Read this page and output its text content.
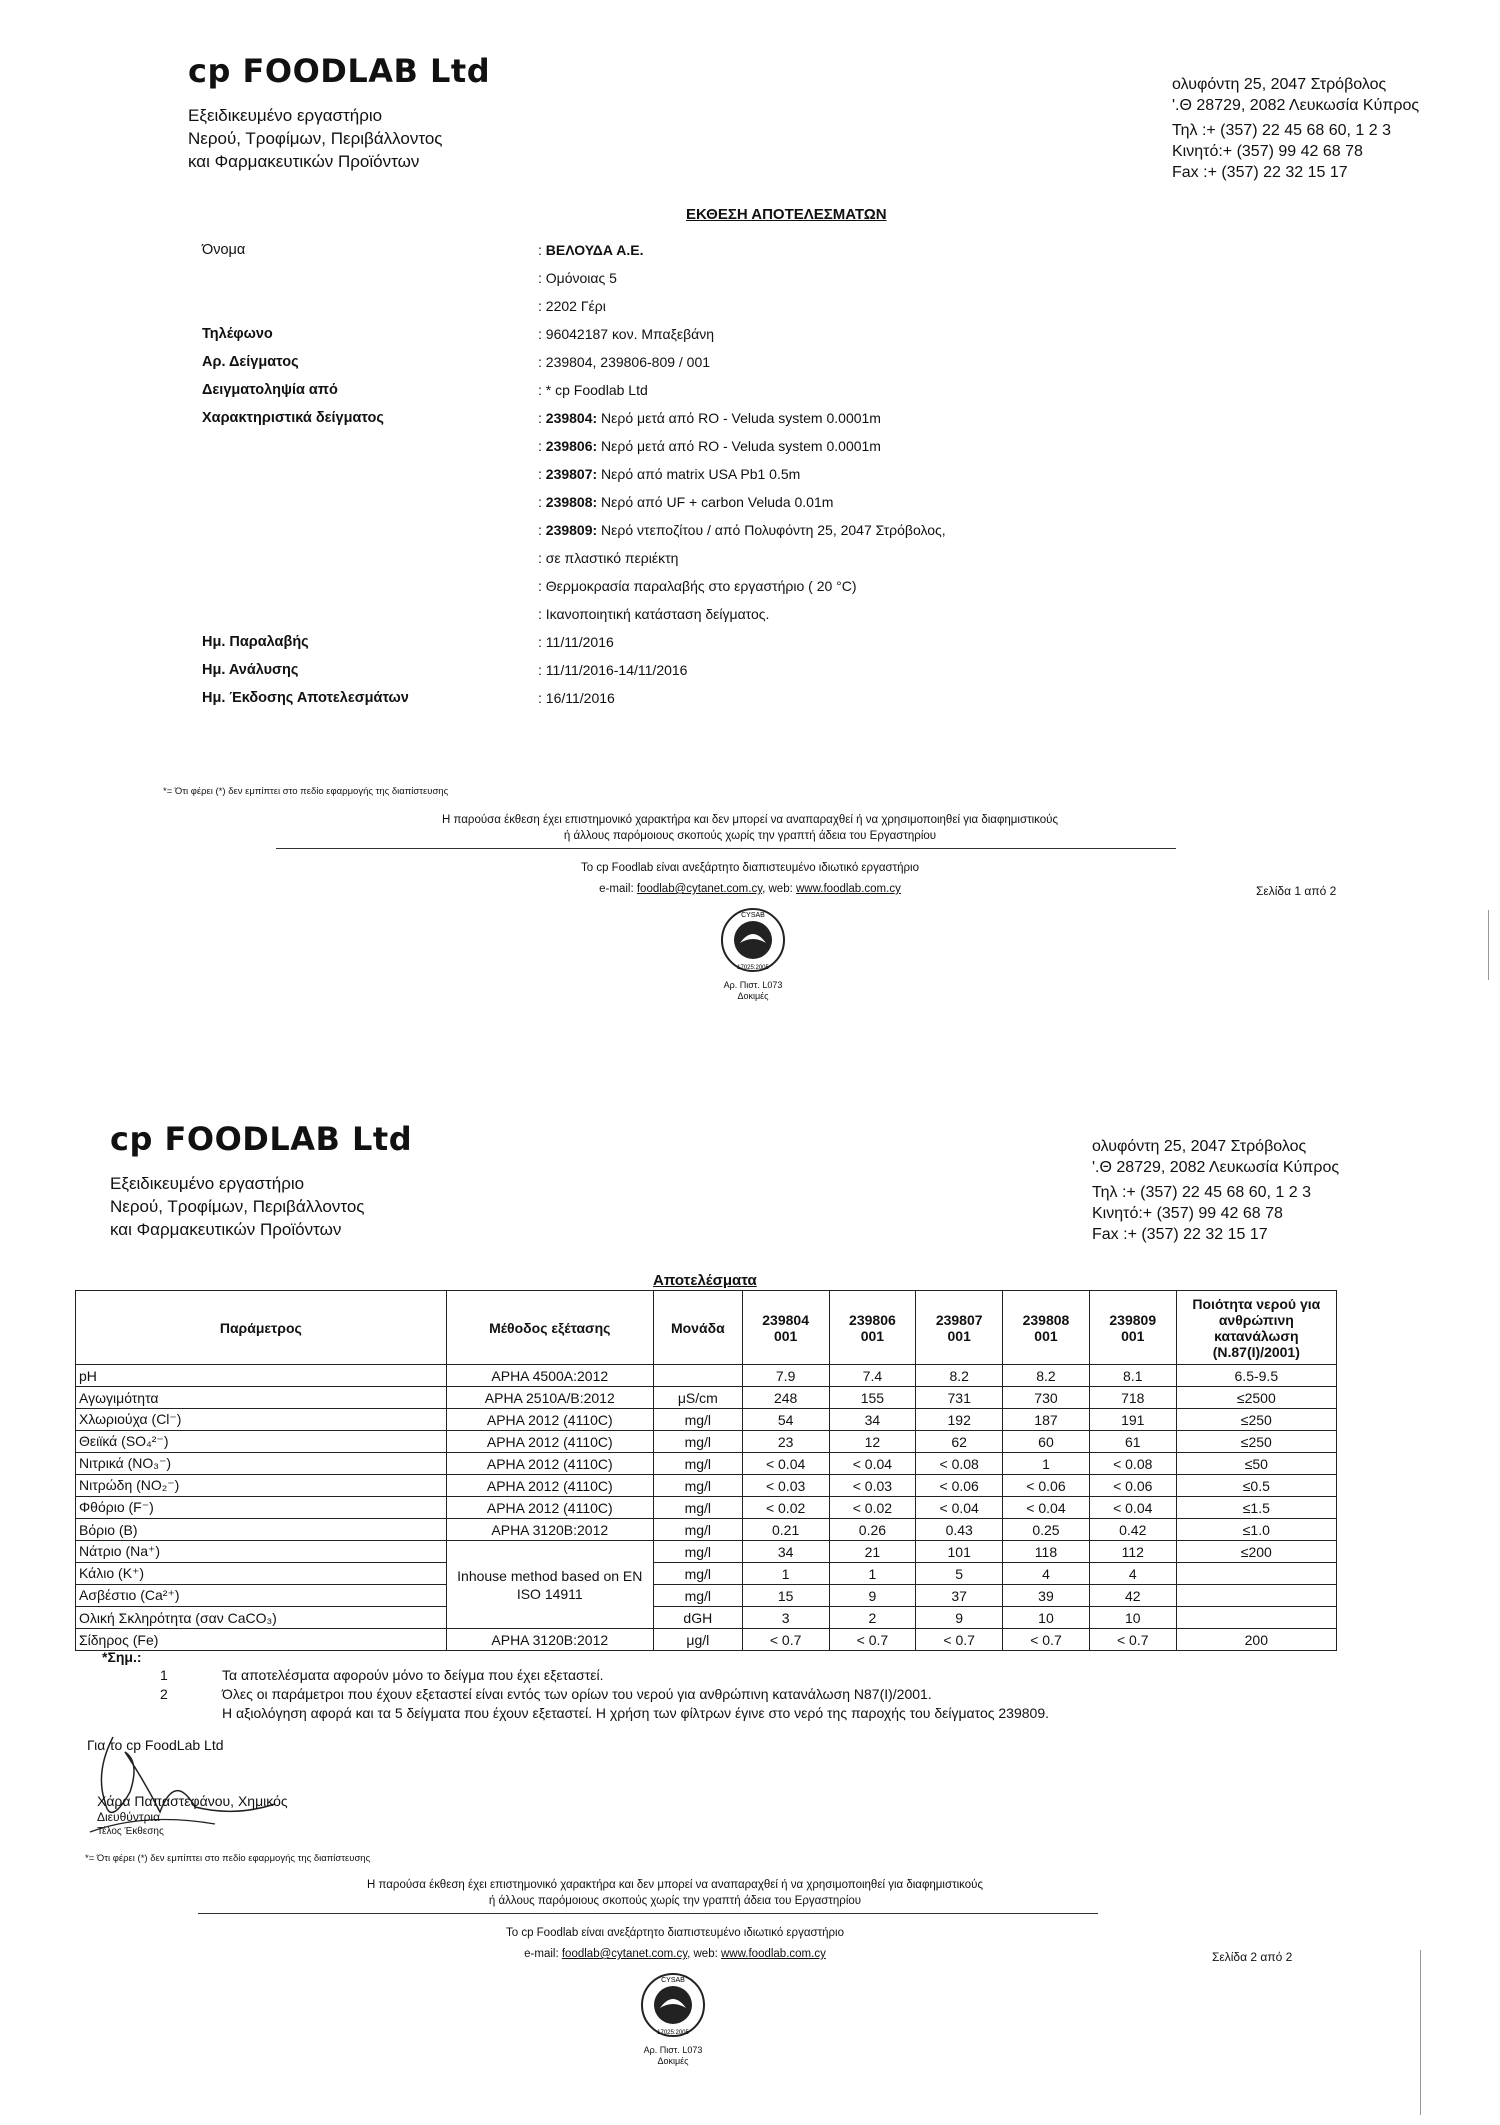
cp FOODLAB Ltd
Εξειδικευμένο εργαστήριο
Νερού, Τροφίμων, Περιβάλλοντος
και Φαρμακευτικών Προϊόντων
ολυφόντη 25, 2047 Στρόβολος
'.Θ 28729, 2082 Λευκωσία Κύπρος
Τηλ :+ (357) 22 45 68 60, 1 2 3
Κινητό:+ (357) 99 42 68 78
Fax :+ (357) 22 32 15 17
ΕΚΘΕΣΗ ΑΠΟΤΕΛΕΣΜΑΤΩΝ
Όνομα	: ΒΕΛΟΥΔΑ Α.Ε.
: Ομόνοιας 5
: 2202 Γέρι
Τηλέφωνο	: 96042187 κον. Μπαξεβάνη
Αρ. Δείγματος	: 239804, 239806-809 / 001
Δειγματοληψία από	: * cp Foodlab Ltd
Χαρακτηριστικά δείγματος	: 239804: Νερό μετά από RO - Veluda system 0.0001m
: 239806: Νερό μετά από RO - Veluda system 0.0001m
: 239807: Νερό από matrix USA Pb1 0.5m
: 239808: Νερό από UF + carbon Veluda 0.01m
: 239809: Νερό ντεποζίτου / από Πολυφόντη 25, 2047 Στρόβολος,
: σε πλαστικό περιέκτη
: Θερμοκρασία παραλαβής στο εργαστήριο ( 20 °C)
: Ικανοποιητική κατάσταση δείγματος.
Ημ. Παραλαβής	: 11/11/2016
Ημ. Ανάλυσης	: 11/11/2016-14/11/2016
Ημ. Έκδοσης Αποτελεσμάτων	: 16/11/2016
*= Ότι φέρει (*) δεν εμπίπτει στο πεδίο εφαρμογής της διαπίστευσης
Η παρούσα έκθεση έχει επιστημονικό χαρακτήρα και δεν μπορεί να αναπαραχθεί ή να χρησιμοποιηθεί για διαφημιστικούς
ή άλλους παρόμοιους σκοπούς χωρίς την γραπτή άδεια του Εργαστηρίου
Το cp Foodlab είναι ανεξάρτητο διαπιστευμένο ιδιωτικό εργαστήριο
e-mail: foodlab@cytanet.com.cy, web: www.foodlab.com.cy	Σελίδα 1 από 2
CYSAB
17025:2005
Αρ. Πιστ. L073
Δοκιμές
cp FOODLAB Ltd
Εξειδικευμένο εργαστήριο
Νερού, Τροφίμων, Περιβάλλοντος
και Φαρμακευτικών Προϊόντων
ολυφόντη 25, 2047 Στρόβολος
'.Θ 28729, 2082 Λευκωσία Κύπρος
Τηλ :+ (357) 22 45 68 60, 1 2 3
Κινητό:+ (357) 99 42 68 78
Fax :+ (357) 22 32 15 17
Αποτελέσματα
Παράμετρος	Μέθοδος εξέτασης	Μονάδα	239804
001	239806
001	239807
001	239808
001	239809
001	Ποιότητα νερού για ανθρώπινη κατανάλωση (Ν.87(Ι)/2001)
pH	APHA 4500A:2012		7.9	7.4	8.2	8.2	8.1	6.5-9.5
Αγωγιμότητα	APHA 2510A/B:2012	μS/cm	248	155	731	730	718	≤2500
Χλωριούχα (Cl⁻)	APHA 2012 (4110C)	mg/l	54	34	192	187	191	≤250
Θειϊκά (SO₄²⁻)	APHA 2012 (4110C)	mg/l	23	12	62	60	61	≤250
Νιτρικά (NO₃⁻)	APHA 2012 (4110C)	mg/l	< 0.04	< 0.04	< 0.08	1	< 0.08	≤50
Νιτρώδη (NO₂⁻)	APHA 2012 (4110C)	mg/l	< 0.03	< 0.03	< 0.06	< 0.06	< 0.06	≤0.5
Φθόριο (F⁻)	APHA 2012 (4110C)	mg/l	< 0.02	< 0.02	< 0.04	< 0.04	< 0.04	≤1.5
Βόριο (B)	APHA 3120B:2012	mg/l	0.21	0.26	0.43	0.25	0.42	≤1.0
Νάτριο (Na⁺)	Inhouse method based on EN ISO 14911	mg/l	34	21	101	118	112	≤200
Κάλιο (K⁺)		mg/l	1	1	5	4	4	
Ασβέστιο (Ca²⁺)		mg/l	15	9	37	39	42	
Ολική Σκληρότητα (σαν CaCO₃)		dGH	3	2	9	10	10	
Σίδηρος (Fe)	APHA 3120B:2012	μg/l	< 0.7	< 0.7	< 0.7	< 0.7	< 0.7	200
*Σημ.:
1	Τα αποτελέσματα αφορούν μόνο το δείγμα που έχει εξεταστεί.
2	Όλες οι παράμετροι που έχουν εξεταστεί είναι εντός των ορίων του νερού για ανθρώπινη κατανάλωση Ν87(Ι)/2001.
Η αξιολόγηση αφορά και τα 5 δείγματα που έχουν εξεταστεί. Η χρήση των φίλτρων έγινε στο νερό της παροχής του δείγματος 239809.
Για το cp FoodLab Ltd
Χάρα Παπαστεφάνου, Χημικός
Διευθύντρια
Τέλος Έκθεσης
*= Ότι φέρει (*) δεν εμπίπτει στο πεδίο εφαρμογής της διαπίστευσης
Η παρούσα έκθεση έχει επιστημονικό χαρακτήρα και δεν μπορεί να αναπαραχθεί ή να χρησιμοποιηθεί για διαφημιστικούς
ή άλλους παρόμοιους σκοπούς χωρίς την γραπτή άδεια του Εργαστηρίου
Το cp Foodlab είναι ανεξάρτητο διαπιστευμένο ιδιωτικό εργαστήριο
e-mail: foodlab@cytanet.com.cy, web: www.foodlab.com.cy	Σελίδα 2 από 2
CYSAB
17025:2005
Αρ. Πιστ. L073
Δοκιμές
